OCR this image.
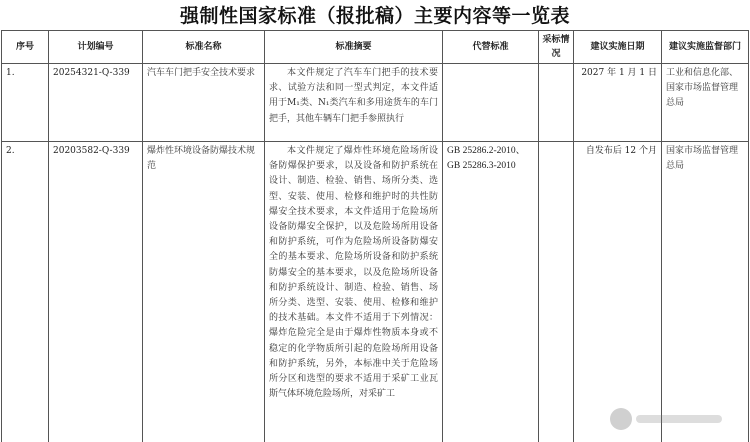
强制性国家标准（报批稿）主要内容等一览表
序号	计划编号	标准名称	标准摘要	代替标准	采标情况	建议实施日期	建议实施监督部门
1.	20254321-Q-339	汽车车门把手安全技术要求	本文件规定了汽车车门把手的技术要求、试验方法和同一型式判定，本文件适用于M₁类、N₁类汽车和多用途货车的车门把手，其他车辆车门把手参照执行			2027 年 1 月 1 日	工业和信息化部、国家市场监督管理总局
2.	20203582-Q-339	爆炸性环境设备防爆技术规范	本文件规定了爆炸性环境危险场所设备防爆保护要求，以及设备和防护系统在设计、制造、检验、销售、场所分类、选型、安装、使用、检修和维护时的共性防爆安全技术要求，本文件适用于危险场所设备防爆安全保护，以及危险场所用设备和防护系统，可作为危险场所设备防爆安全的基本要求、危险场所设备和防护系统防爆安全的基本要求，以及危险场所设备和防护系统设计、制造、检验、销售、场所分类、选型、安装、使用、检修和维护的技术基础。本文件不适用于下列情况：爆炸危险完全是由于爆炸性物质本身或不稳定的化学物质所引起的危险场所用设备和防护系统，另外，本标准中关于危险场所分区和选型的要求不适用于采矿工业瓦斯气体环境危险场所，对采矿工	GB 25286.2-2010、GB 25286.3-2010		自发布后 12 个月	国家市场监督管理总局
